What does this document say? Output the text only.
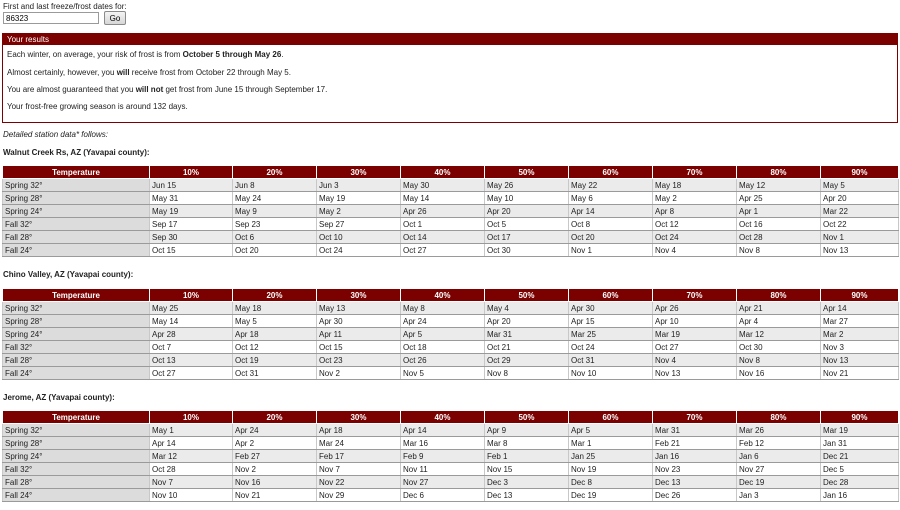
First and last freeze/frost dates for:
86323
Go
Your results
Each winter, on average, your risk of frost is from October 5 through May 26.
Almost certainly, however, you will receive frost from October 22 through May 5.
You are almost guaranteed that you will not get frost from June 15 through September 17.
Your frost-free growing season is around 132 days.
Detailed station data* follows:
Walnut Creek Rs, AZ (Yavapai county):
Temperature	10%	20%	30%	40%	50%	60%	70%	80%	90%
Spring 32°	Jun 15	Jun 8	Jun 3	May 30	May 26	May 22	May 18	May 12	May 5
Spring 28°	May 31	May 24	May 19	May 14	May 10	May 6	May 2	Apr 25	Apr 20
Spring 24°	May 19	May 9	May 2	Apr 26	Apr 20	Apr 14	Apr 8	Apr 1	Mar 22
Fall 32°	Sep 17	Sep 23	Sep 27	Oct 1	Oct 5	Oct 8	Oct 12	Oct 16	Oct 22
Fall 28°	Sep 30	Oct 6	Oct 10	Oct 14	Oct 17	Oct 20	Oct 24	Oct 28	Nov 1
Fall 24°	Oct 15	Oct 20	Oct 24	Oct 27	Oct 30	Nov 1	Nov 4	Nov 8	Nov 13
Chino Valley, AZ (Yavapai county):
Temperature	10%	20%	30%	40%	50%	60%	70%	80%	90%
Spring 32°	May 25	May 18	May 13	May 8	May 4	Apr 30	Apr 26	Apr 21	Apr 14
Spring 28°	May 14	May 5	Apr 30	Apr 24	Apr 20	Apr 15	Apr 10	Apr 4	Mar 27
Spring 24°	Apr 28	Apr 18	Apr 11	Apr 5	Mar 31	Mar 25	Mar 19	Mar 12	Mar 2
Fall 32°	Oct 7	Oct 12	Oct 15	Oct 18	Oct 21	Oct 24	Oct 27	Oct 30	Nov 3
Fall 28°	Oct 13	Oct 19	Oct 23	Oct 26	Oct 29	Oct 31	Nov 4	Nov 8	Nov 13
Fall 24°	Oct 27	Oct 31	Nov 2	Nov 5	Nov 8	Nov 10	Nov 13	Nov 16	Nov 21
Jerome, AZ (Yavapai county):
Temperature	10%	20%	30%	40%	50%	60%	70%	80%	90%
Spring 32°	May 1	Apr 24	Apr 18	Apr 14	Apr 9	Apr 5	Mar 31	Mar 26	Mar 19
Spring 28°	Apr 14	Apr 2	Mar 24	Mar 16	Mar 8	Mar 1	Feb 21	Feb 12	Jan 31
Spring 24°	Mar 12	Feb 27	Feb 17	Feb 9	Feb 1	Jan 25	Jan 16	Jan 6	Dec 21
Fall 32°	Oct 28	Nov 2	Nov 7	Nov 11	Nov 15	Nov 19	Nov 23	Nov 27	Dec 5
Fall 28°	Nov 7	Nov 16	Nov 22	Nov 27	Dec 3	Dec 8	Dec 13	Dec 19	Dec 28
Fall 24°	Nov 10	Nov 21	Nov 29	Dec 6	Dec 13	Dec 19	Dec 26	Jan 3	Jan 16
